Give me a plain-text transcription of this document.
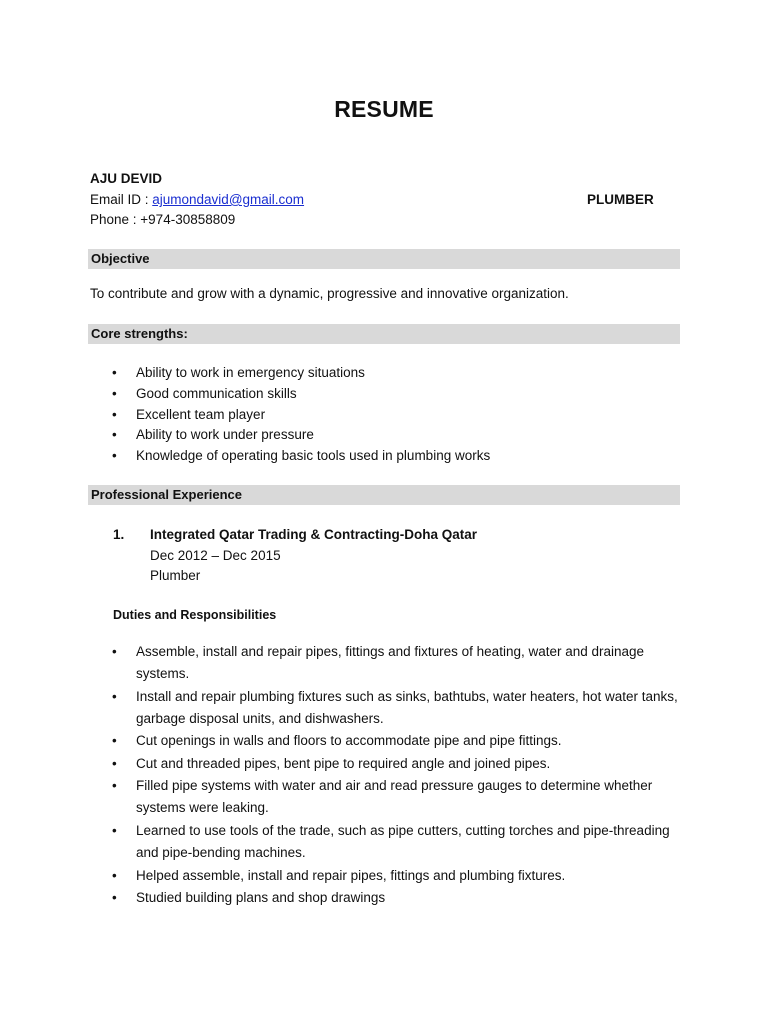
RESUME
AJU DEVID
Email ID : ajumondavid@gmail.com	PLUMBER
Phone : +974-30858809
Objective
To contribute and grow with a dynamic, progressive and innovative organization.
Core strengths:
• Ability to work in emergency situations
• Good communication skills
• Excellent team player
• Ability to work under pressure
• Knowledge of operating basic tools used in plumbing works
Professional Experience
1. Integrated Qatar Trading & Contracting-Doha Qatar
Dec 2012 – Dec 2015
Plumber
Duties and Responsibilities
• Assemble, install and repair pipes, fittings and fixtures of heating, water and drainage systems.
• Install and repair plumbing fixtures such as sinks, bathtubs, water heaters, hot water tanks, garbage disposal units, and dishwashers.
• Cut openings in walls and floors to accommodate pipe and pipe fittings.
• Cut and threaded pipes, bent pipe to required angle and joined pipes.
• Filled pipe systems with water and air and read pressure gauges to determine whether systems were leaking.
• Learned to use tools of the trade, such as pipe cutters, cutting torches and pipe-threading and pipe-bending machines.
• Helped assemble, install and repair pipes, fittings and plumbing fixtures.
• Studied building plans and shop drawings
